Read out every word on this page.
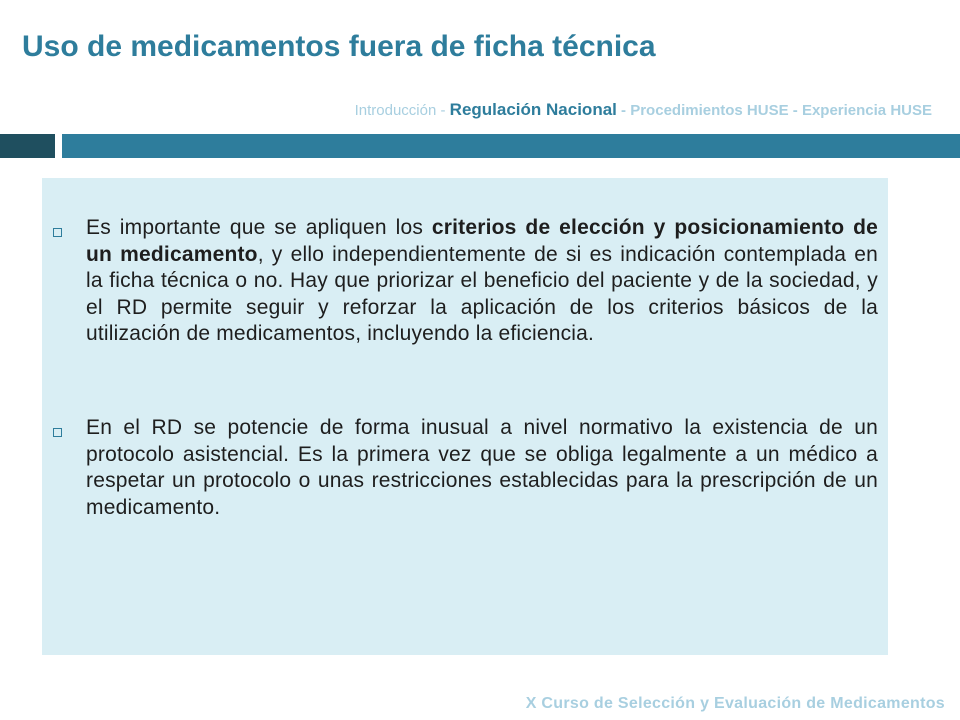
Uso de medicamentos fuera de ficha técnica
Introducción - Regulación Nacional - Procedimientos HUSE - Experiencia HUSE

Es importante que se apliquen los criterios de elección y posicionamiento de un medicamento, y ello independientemente de si es indicación contemplada en la ficha técnica o no. Hay que priorizar el beneficio del paciente y de la sociedad, y el RD permite seguir y reforzar la aplicación de los criterios básicos de la utilización de medicamentos, incluyendo la eficiencia.

En el RD se potencie de forma inusual a nivel normativo la existencia de un protocolo asistencial. Es la primera vez que se obliga legalmente a un médico a respetar un protocolo o unas restricciones establecidas para la prescripción de un medicamento.

X Curso de Selección y Evaluación de Medicamentos
